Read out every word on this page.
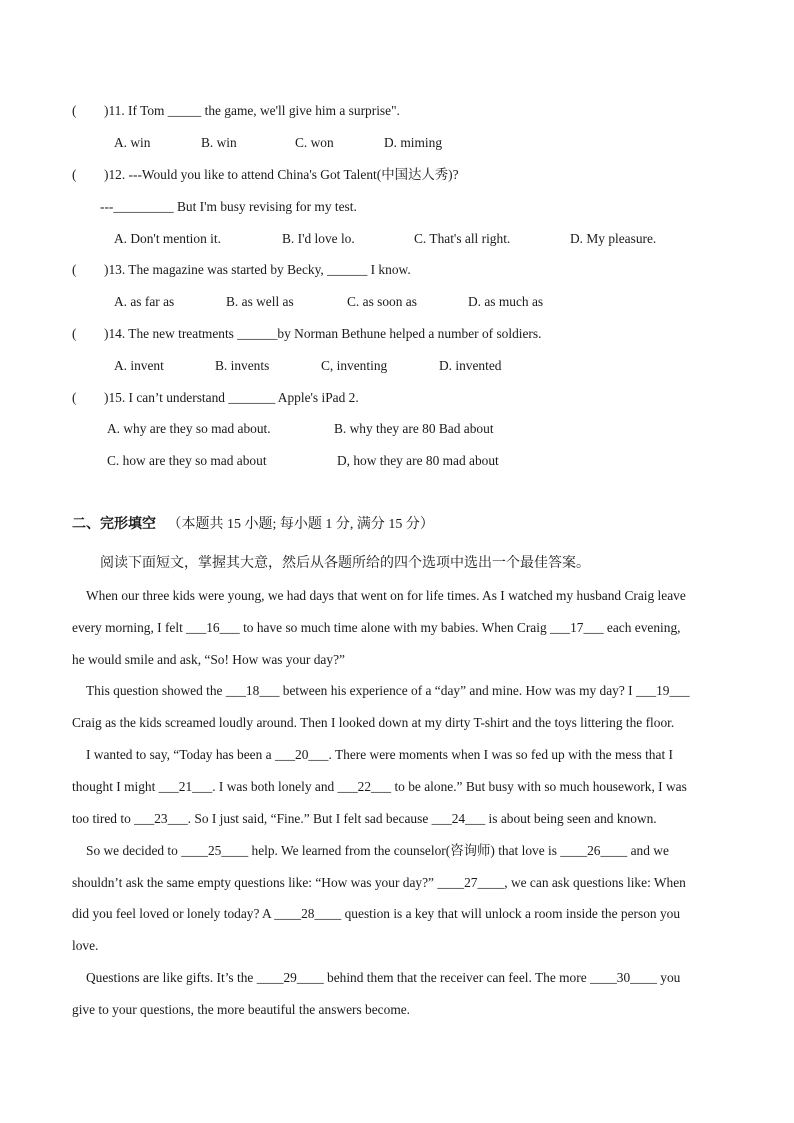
( )11. If Tom _____ the game, we'll give him a surprise".
A. win	B. win	C. won	D. miming
( )12. ---Would you like to attend China's Got Talent(中国达人秀)?
---_________ But I'm busy revising for my test.
A. Don't mention it.	B. I'd love lo.	C. That's all right.	D. My pleasure.
( )13. The magazine was started by Becky, ______ I know.
A. as far as	B. as well as	C. as soon as	D. as much as
( )14. The new treatments ______by Norman Bethune helped a number of soldiers.
A. invent	B. invents	C, inventing	D. invented
( )15. I can’t understand _______ Apple's iPad 2.
A. why are they so mad about.	B. why they are 80 Bad about
C. how are they so mad about	D, how they are 80 mad about
二、完形填空 （本题共 15 小题; 每小题 1 分, 满分 15 分）
阅读下面短文，掌握其大意，然后从各题所给的四个选项中选出一个最佳答案。
When our three kids were young, we had days that went on for life times. As I watched my husband Craig leave
every morning, I felt ___16___ to have so much time alone with my babies. When Craig ___17___ each evening,
he would smile and ask, “So! How was your day?”
This question showed the ___18___ between his experience of a “day” and mine. How was my day? I ___19___
Craig as the kids screamed loudly around. Then I looked down at my dirty T-shirt and the toys littering the floor.
I wanted to say, “Today has been a ___20___. There were moments when I was so fed up with the mess that I
thought I might ___21___. I was both lonely and ___22___ to be alone.” But busy with so much housework, I was
too tired to ___23___. So I just said, “Fine.” But I felt sad because ___24___ is about being seen and known.
So we decided to ____25____ help. We learned from the counselor(咨询师) that love is ____26____ and we
shouldn’t ask the same empty questions like: “How was your day?” ____27____, we can ask questions like: When
did you feel loved or lonely today? A ____28____ question is a key that will unlock a room inside the person you
love.
Questions are like gifts. It’s the ____29____ behind them that the receiver can feel. The more ____30____ you
give to your questions, the more beautiful the answers become.
